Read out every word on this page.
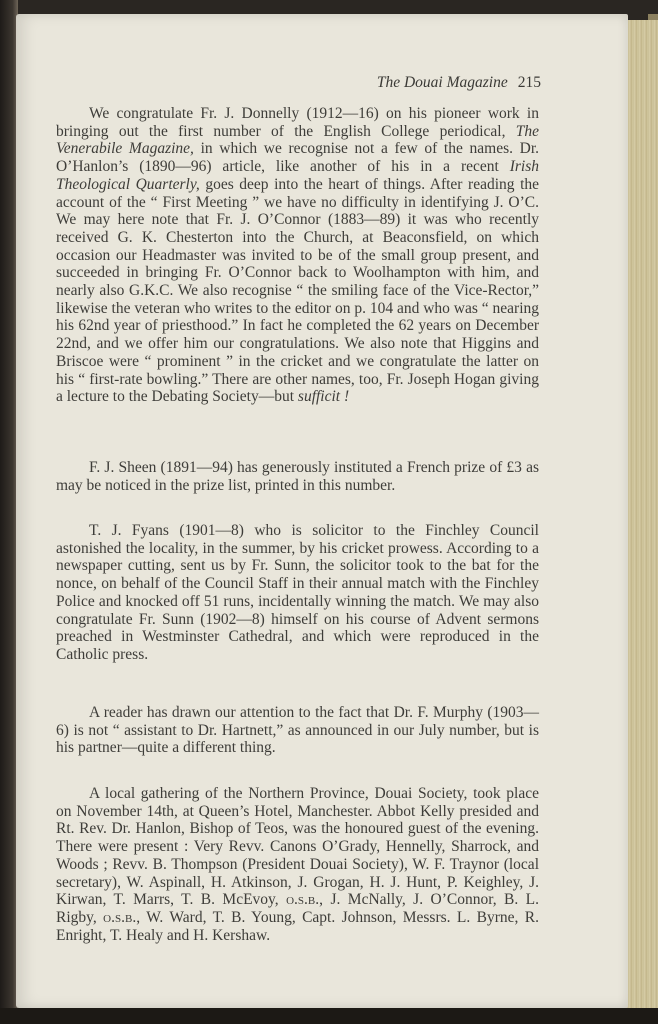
The Douai Magazine 215

We congratulate Fr. J. Donnelly (1912—16) on his pioneer work in bringing out the first number of the English College periodical, The Venerabile Magazine, in which we recognise not a few of the names. Dr. O’Hanlon’s (1890—96) article, like another of his in a recent Irish Theological Quarterly, goes deep into the heart of things. After reading the account of the “ First Meeting ” we have no difficulty in identifying J. O’C. We may here note that Fr. J. O’Connor (1883—89) it was who recently received G. K. Chesterton into the Church, at Beaconsfield, on which occasion our Headmaster was invited to be of the small group present, and succeeded in bringing Fr. O’Connor back to Woolhampton with him, and nearly also G.K.C. We also recognise “ the smiling face of the Vice-Rector,” likewise the veteran who writes to the editor on p. 104 and who was “ nearing his 62nd year of priesthood.” In fact he completed the 62 years on December 22nd, and we offer him our congratulations. We also note that Higgins and Briscoe were “ prominent ” in the cricket and we congratulate the latter on his “ first-rate bowling.” There are other names, too, Fr. Joseph Hogan giving a lecture to the Debating Society—but sufficit !

F. J. Sheen (1891—94) has generously instituted a French prize of £3 as may be noticed in the prize list, printed in this number.

T. J. Fyans (1901—8) who is solicitor to the Finchley Council astonished the locality, in the summer, by his cricket prowess. According to a newspaper cutting, sent us by Fr. Sunn, the solicitor took to the bat for the nonce, on behalf of the Council Staff in their annual match with the Finchley Police and knocked off 51 runs, incidentally winning the match. We may also congratulate Fr. Sunn (1902—8) himself on his course of Advent sermons preached in Westminster Cathedral, and which were reproduced in the Catholic press.

A reader has drawn our attention to the fact that Dr. F. Murphy (1903—6) is not “ assistant to Dr. Hartnett,” as announced in our July number, but is his partner—quite a different thing.

A local gathering of the Northern Province, Douai Society, took place on November 14th, at Queen’s Hotel, Manchester. Abbot Kelly presided and Rt. Rev. Dr. Hanlon, Bishop of Teos, was the honoured guest of the evening. There were present : Very Revv. Canons O’Grady, Hennelly, Sharrock, and Woods ; Revv. B. Thompson (President Douai Society), W. F. Traynor (local secretary), W. Aspinall, H. Atkinson, J. Grogan, H. J. Hunt, P. Keighley, J. Kirwan, T. Marrs, T. B. McEvoy, o.s.b., J. McNally, J. O’Connor, B. L. Rigby, o.s.b., W. Ward, T. B. Young, Capt. Johnson, Messrs. L. Byrne, R. Enright, T. Healy and H. Kershaw.
